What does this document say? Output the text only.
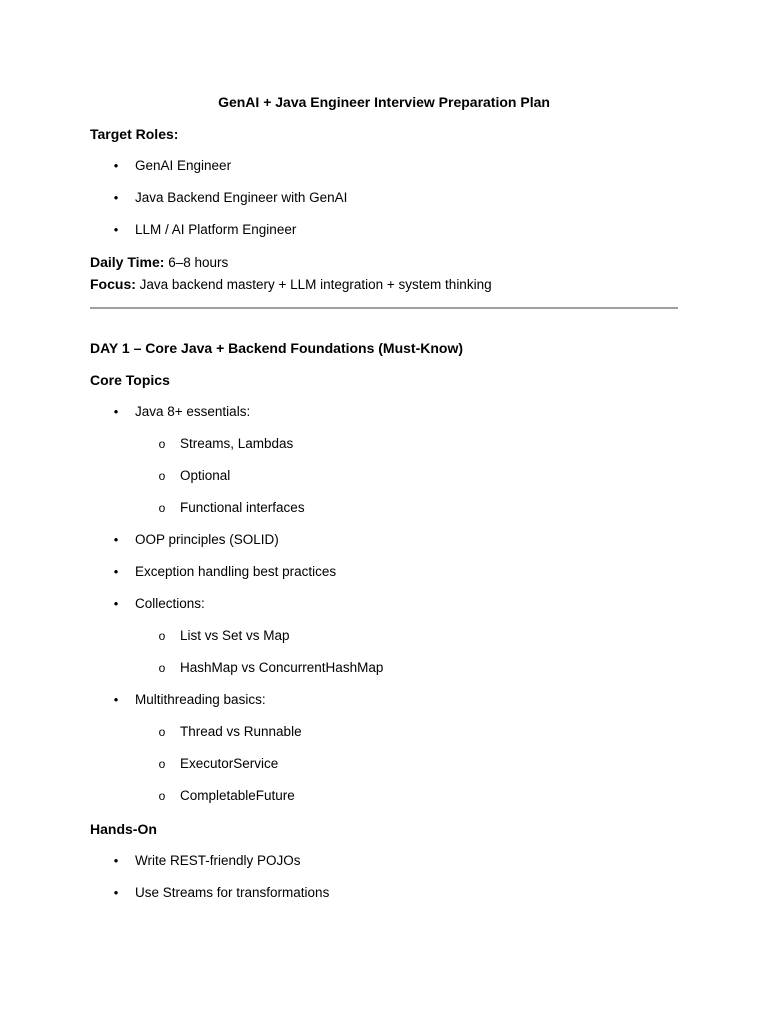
GenAI + Java Engineer Interview Preparation Plan
Target Roles:
• GenAI Engineer
• Java Backend Engineer with GenAI
• LLM / AI Platform Engineer
Daily Time: 6–8 hours
Focus: Java backend mastery + LLM integration + system thinking
DAY 1 – Core Java + Backend Foundations (Must-Know)
Core Topics
• Java 8+ essentials:
o Streams, Lambdas
o Optional
o Functional interfaces
• OOP principles (SOLID)
• Exception handling best practices
• Collections:
o List vs Set vs Map
o HashMap vs ConcurrentHashMap
• Multithreading basics:
o Thread vs Runnable
o ExecutorService
o CompletableFuture
Hands-On
• Write REST-friendly POJOs
• Use Streams for transformations
